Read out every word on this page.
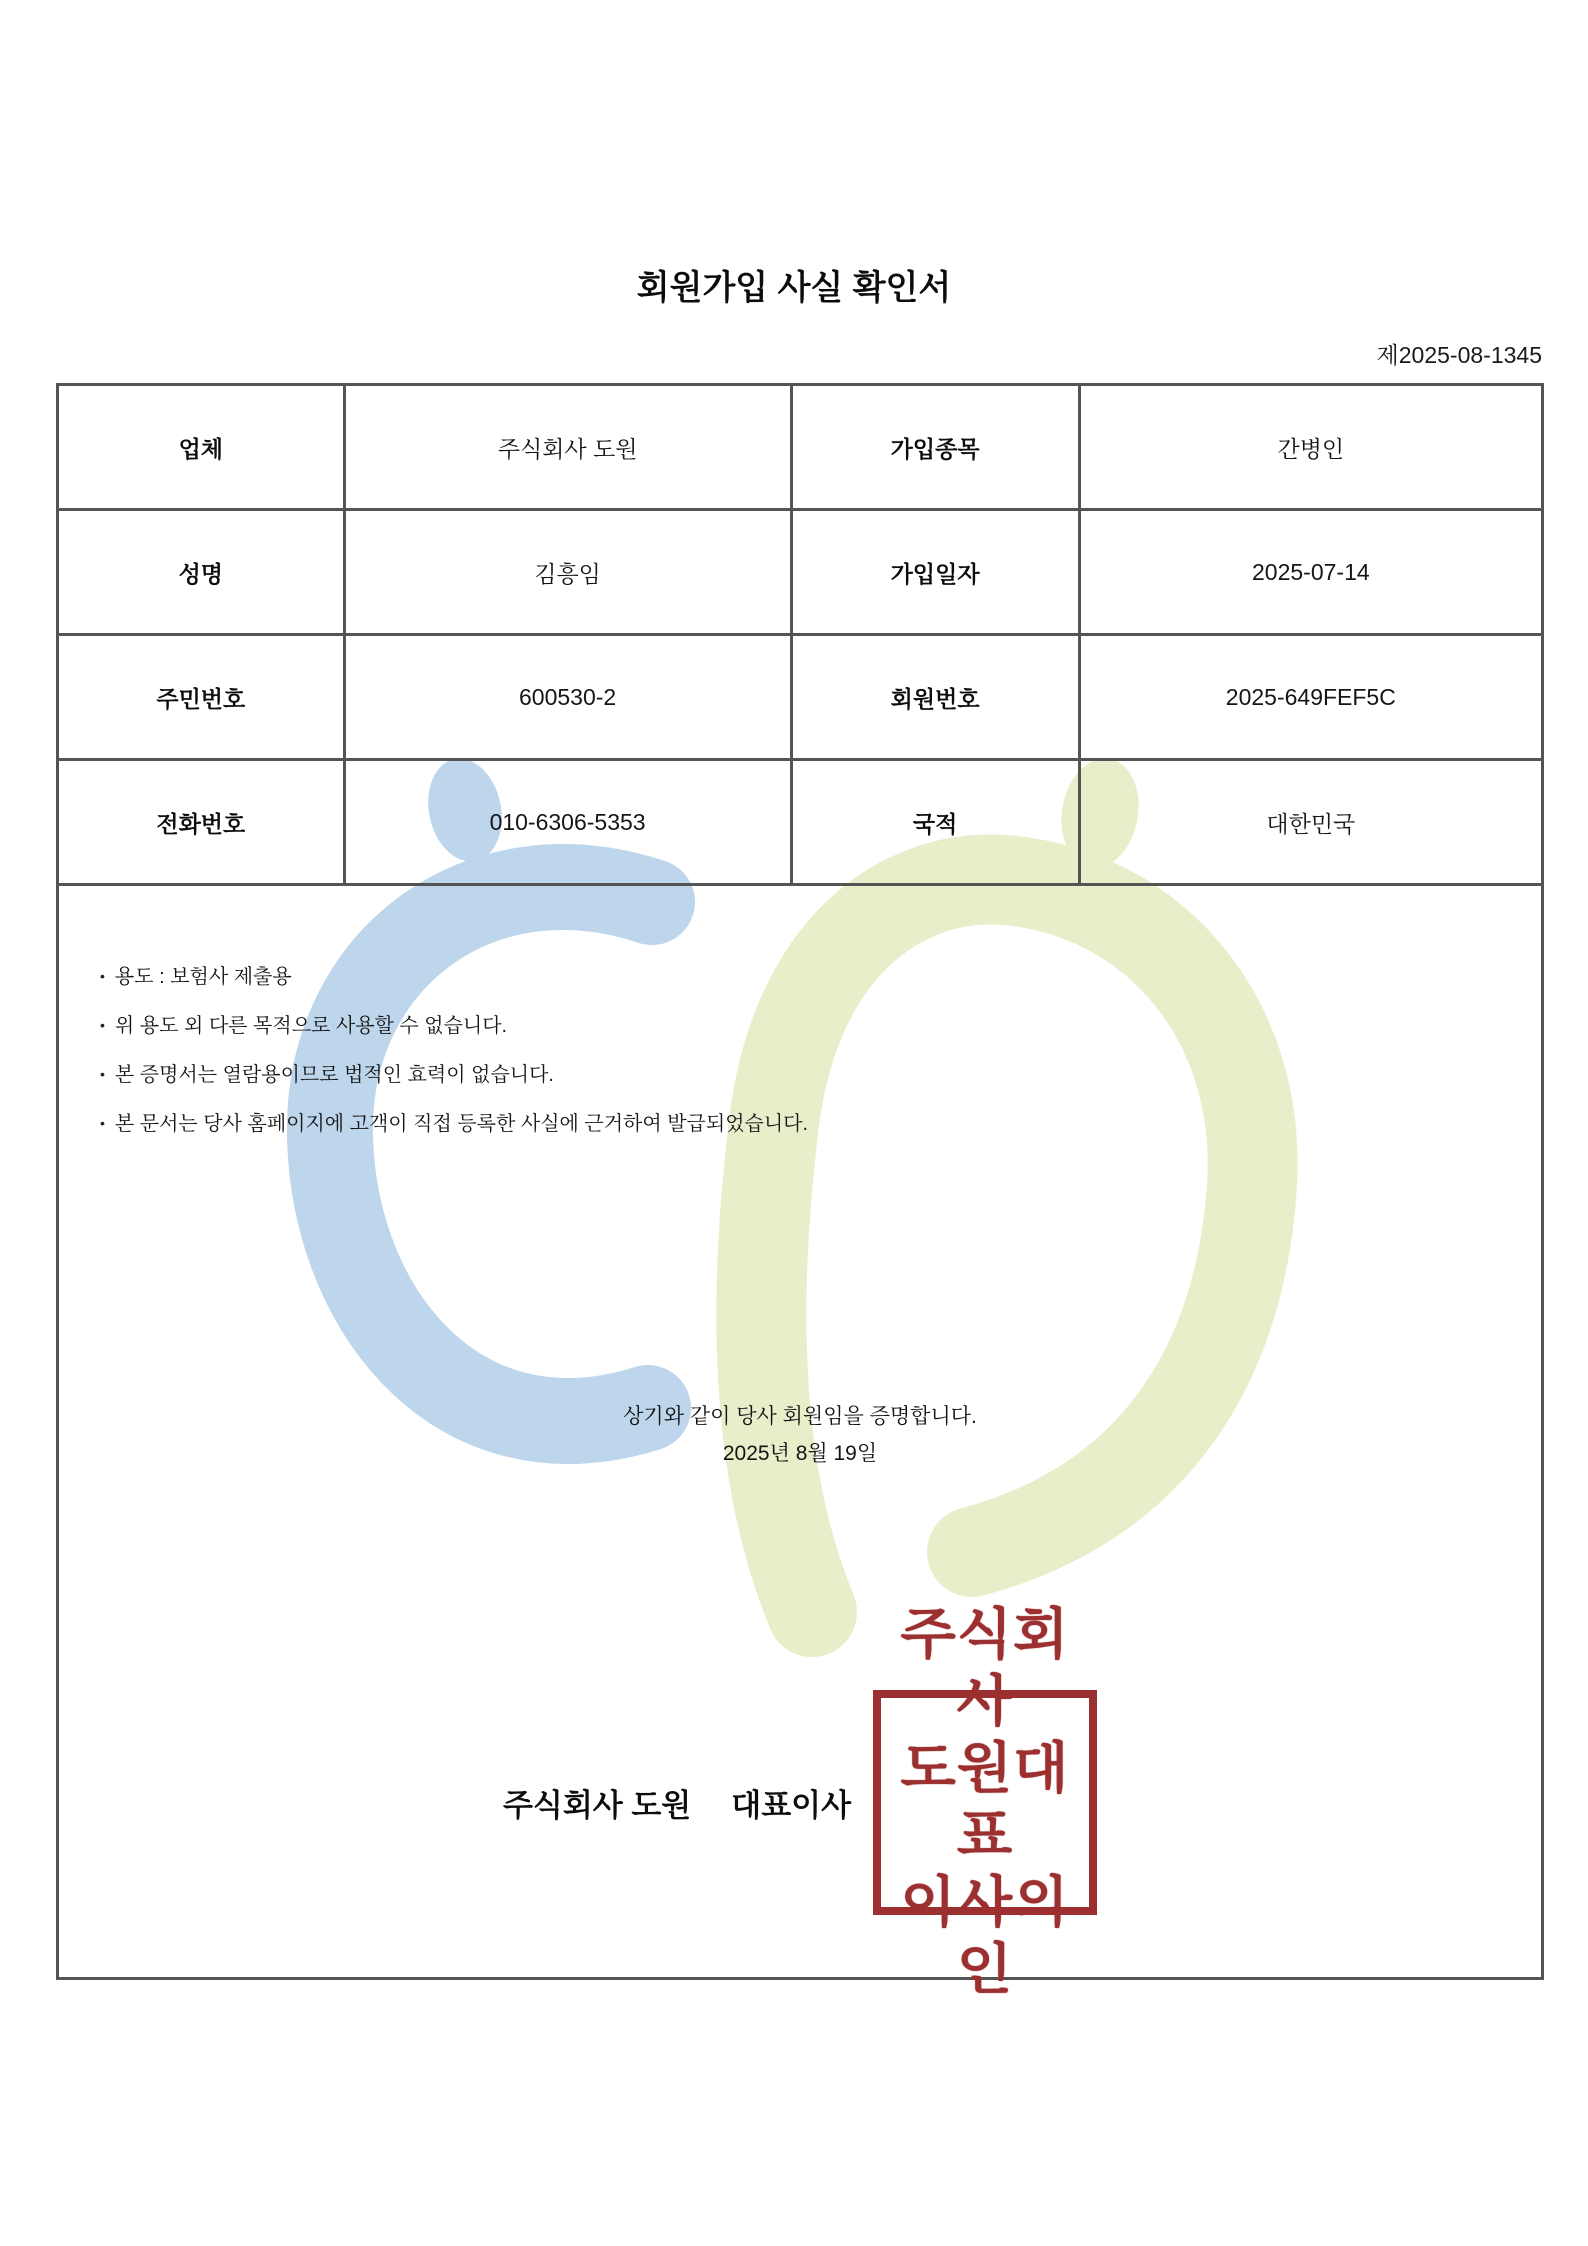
회원가입 사실 확인서
제2025-08-1345
업체	주식회사 도원	가입종목	간병인
성명	김흥임	가입일자	2025-07-14
주민번호	600530-2	회원번호	2025-649FEF5C
전화번호	010-6306-5353	국적	대한민국
• 용도 : 보험사 제출용
• 위 용도 외 다른 목적으로 사용할 수 없습니다.
• 본 증명서는 열람용이므로 법적인 효력이 없습니다.
• 본 문서는 당사 홈페이지에 고객이 직접 등록한 사실에 근거하여 발급되었습니다.
상기와 같이 당사 회원임을 증명합니다.
2025년 8월 19일
주식회사 도원 대표이사
주식회사
도원대표
이사의인
